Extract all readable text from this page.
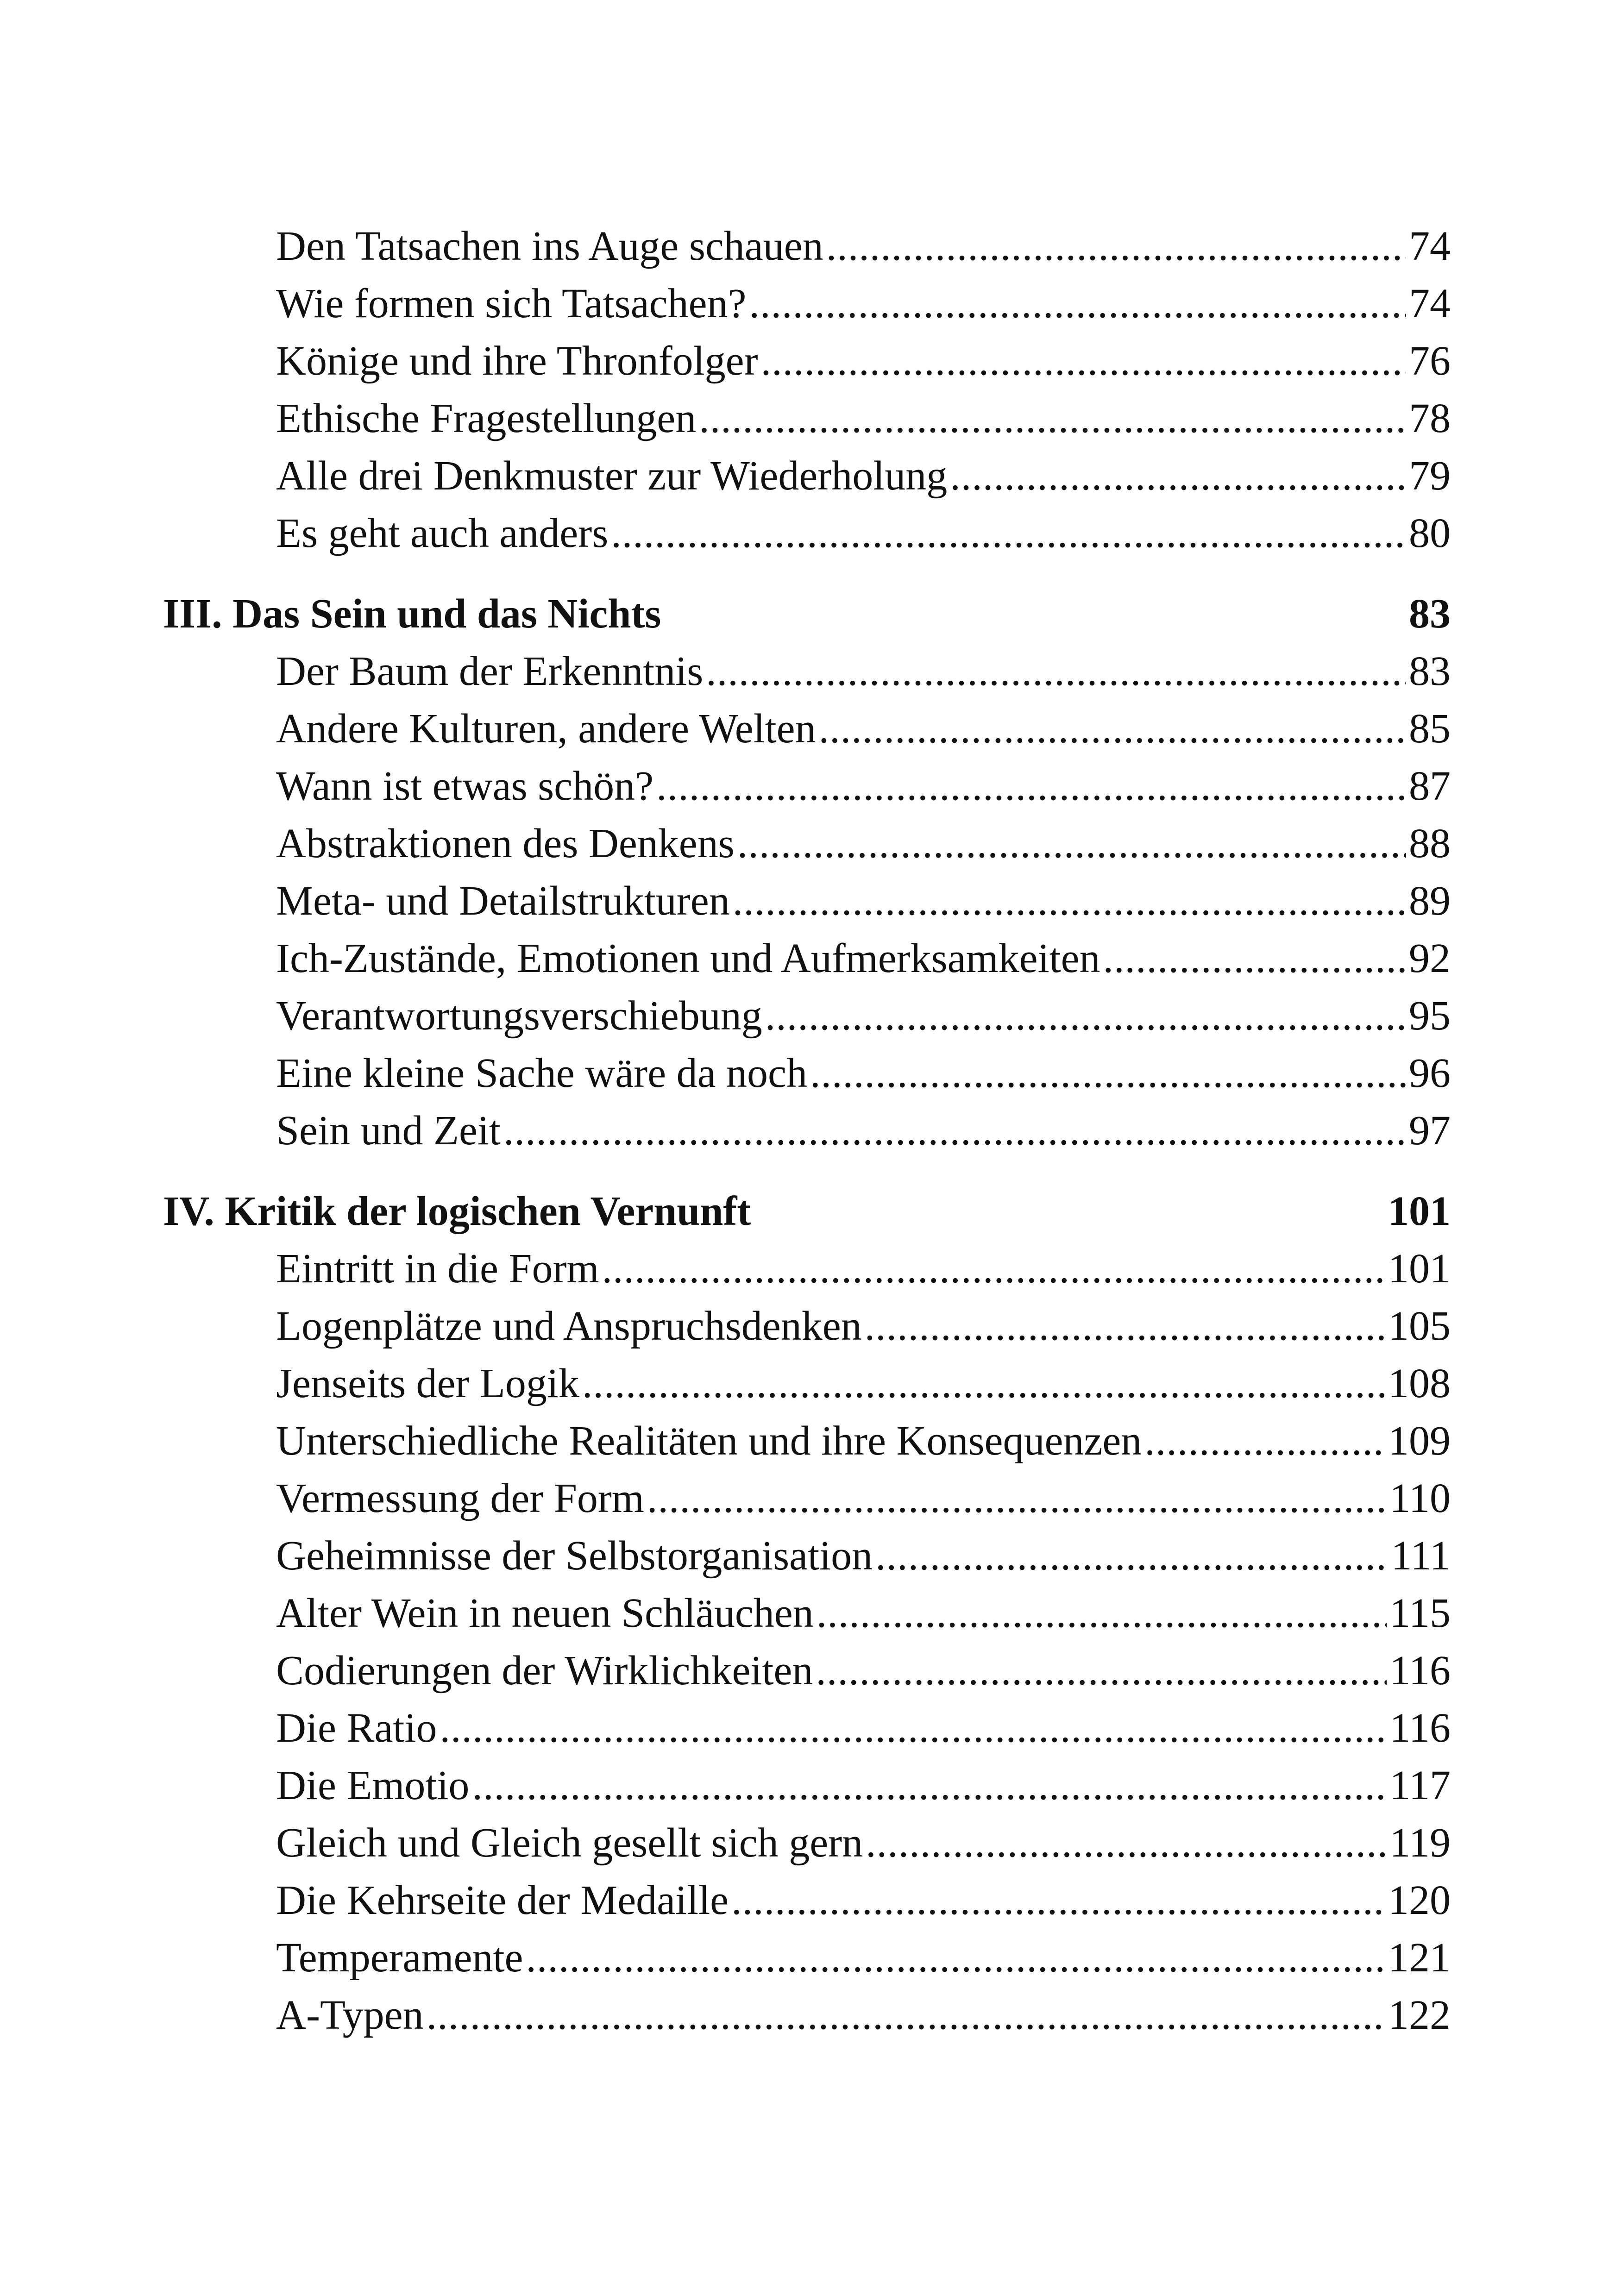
Den Tatsachen ins Auge schauen .....	74
Wie formen sich Tatsachen? .....	74
Könige und ihre Thronfolger .....	76
Ethische Fragestellungen .....	78
Alle drei Denkmuster zur Wiederholung .....	79
Es geht auch anders .....	80
III. Das Sein und das Nichts	83
Der Baum der Erkenntnis .....	83
Andere Kulturen, andere Welten .....	85
Wann ist etwas schön? .....	87
Abstraktionen des Denkens .....	88
Meta- und Detailstrukturen .....	89
Ich-Zustände, Emotionen und Aufmerksamkeiten .....	92
Verantwortungsverschiebung .....	95
Eine kleine Sache wäre da noch .....	96
Sein und Zeit .....	97
IV. Kritik der logischen Vernunft	101
Eintritt in die Form .....	101
Logenplätze und Anspruchsdenken .....	105
Jenseits der Logik .....	108
Unterschiedliche Realitäten und ihre Konsequenzen .....	109
Vermessung der Form .....	110
Geheimnisse der Selbstorganisation .....	111
Alter Wein in neuen Schläuchen .....	115
Codierungen der Wirklichkeiten .....	116
Die Ratio .....	116
Die Emotio .....	117
Gleich und Gleich gesellt sich gern .....	119
Die Kehrseite der Medaille .....	120
Temperamente .....	121
A-Typen .....	122
